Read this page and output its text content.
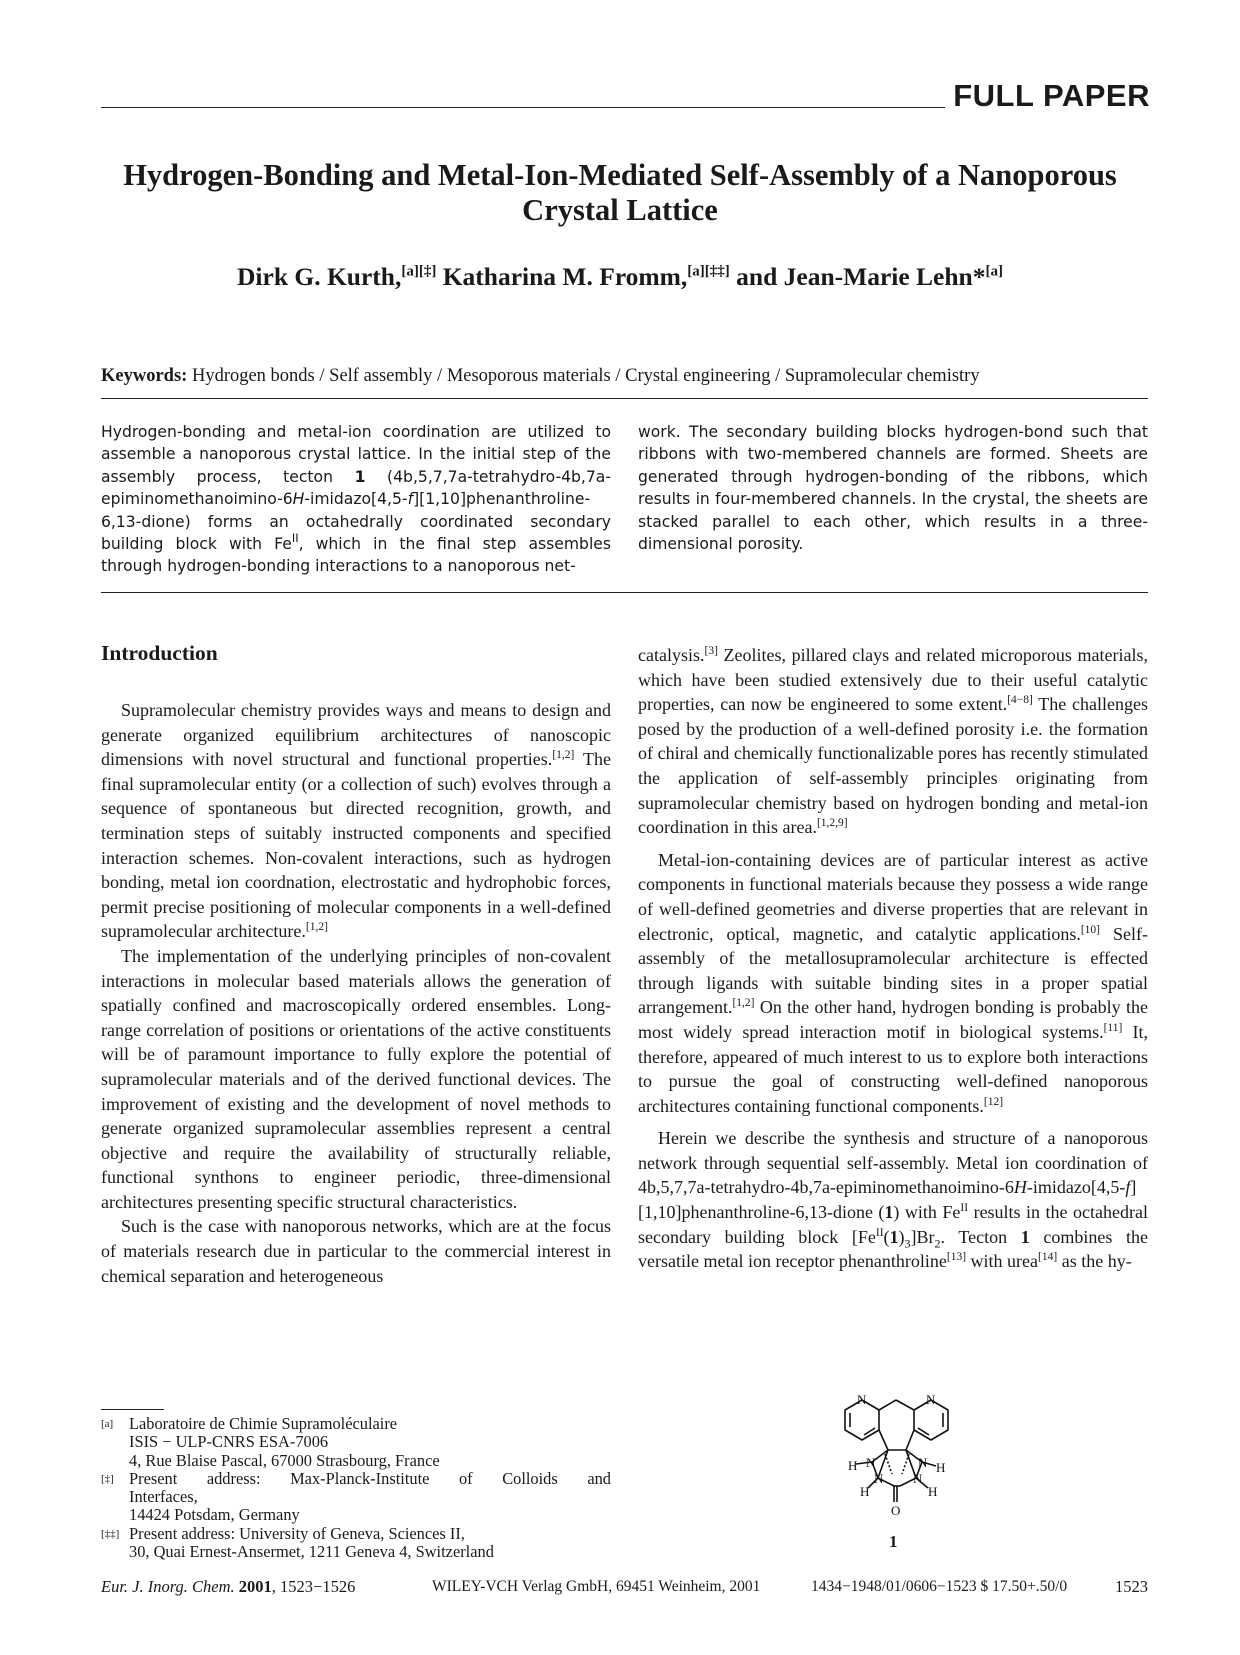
FULL PAPER
Hydrogen-Bonding and Metal-Ion-Mediated Self-Assembly of a Nanoporous Crystal Lattice
Dirk G. Kurth,[a][‡] Katharina M. Fromm,[a][‡‡] and Jean-Marie Lehn*[a]
Keywords: Hydrogen bonds / Self assembly / Mesoporous materials / Crystal engineering / Supramolecular chemistry

Hydrogen-bonding and metal-ion coordination are utilized to assemble a nanoporous crystal lattice. In the initial step of the assembly process, tecton 1 (4b,5,7,7a-tetrahydro-4b,7a-epiminomethanoimino-6H-imidazo[4,5-f][1,10]phenanthroline-6,13-dione) forms an octahedrally coordinated secondary building block with $Fe^{II}$, which in the final step assembles through hydrogen-bonding interactions to a nanoporous net-

work. The secondary building blocks hydrogen-bond such that ribbons with two-membered channels are formed. Sheets are generated through hydrogen-bonding of the ribbons, which results in four-membered channels. In the crystal, the sheets are stacked parallel to each other, which results in a three-dimensional porosity.

Introduction

Supramolecular chemistry provides ways and means to design and generate organized equilibrium architectures of nanoscopic dimensions with novel structural and functional properties.[1,2] The final supramolecular entity (or a collection of such) evolves through a sequence of spontaneous but directed recognition, growth, and termination steps of suitably instructed components and specified interaction schemes. Non-covalent interactions, such as hydrogen bonding, metal ion coordnation, electrostatic and hydrophobic forces, permit precise positioning of molecular components in a well-defined supramolecular architecture.[1,2]

The implementation of the underlying principles of non-covalent interactions in molecular based materials allows the generation of spatially confined and macroscopically ordered ensembles. Long-range correlation of positions or orientations of the active constituents will be of paramount importance to fully explore the potential of supramolecular materials and of the derived functional devices. The improvement of existing and the development of novel methods to generate organized supramolecular assemblies represent a central objective and require the availability of structurally reliable, functional synthons to engineer periodic, three-dimensional architectures presenting specific structural characteristics.

Such is the case with nanoporous networks, which are at the focus of materials research due in particular to the commercial interest in chemical separation and heterogeneous

catalysis.[3] Zeolites, pillared clays and related microporous materials, which have been studied extensively due to their useful catalytic properties, can now be engineered to some extent.[4−8] The challenges posed by the production of a well-defined porosity i.e. the formation of chiral and chemically functionalizable pores has recently stimulated the application of self-assembly principles originating from supramolecular chemistry based on hydrogen bonding and metal-ion coordination in this area.[1,2,9]

Metal-ion-containing devices are of particular interest as active components in functional materials because they possess a wide range of well-defined geometries and diverse properties that are relevant in electronic, optical, magnetic, and catalytic applications.[10] Self-assembly of the metallosupramolecular architecture is effected through ligands with suitable binding sites in a proper spatial arrangement.[1,2] On the other hand, hydrogen bonding is probably the most widely spread interaction motif in biological systems.[11] It, therefore, appeared of much interest to us to explore both interactions to pursue the goal of constructing well-defined nanoporous architectures containing functional components.[12]

Herein we describe the synthesis and structure of a nanoporous network through sequential self-assembly. Metal ion coordination of 4b,5,7,7a-tetrahydro-4b,7a-epiminomethanoimino-6H-imidazo[4,5-f][1,10]phenanthroline-6,13-dione (1) with $Fe^{II}$ results in the octahedral secondary building block $[Fe^{II}(1)_3]Br_2$. Tecton 1 combines the versatile metal ion receptor phenanthroline[13] with urea[14] as the hy-

[a] Laboratoire de Chimie Supramoléculaire
ISIS − ULP-CNRS ESA-7006
4, Rue Blaise Pascal, 67000 Strasbourg, France
[‡] Present address: Max-Planck-Institute of Colloids and
Interfaces,
14424 Potsdam, Germany
[‡‡] Present address: University of Geneva, Sciences II,
30, Quai Ernest-Ansermet, 1211 Geneva 4, Switzerland
N	N
N	N
N N
H	H
H	H
O
1
Eur. J. Inorg. Chem. 2001, 1523−1526	WILEY-VCH Verlag GmbH, 69451 Weinheim, 2001	1434−1948/01/0606−1523 $ 17.50+.50/0	1523
